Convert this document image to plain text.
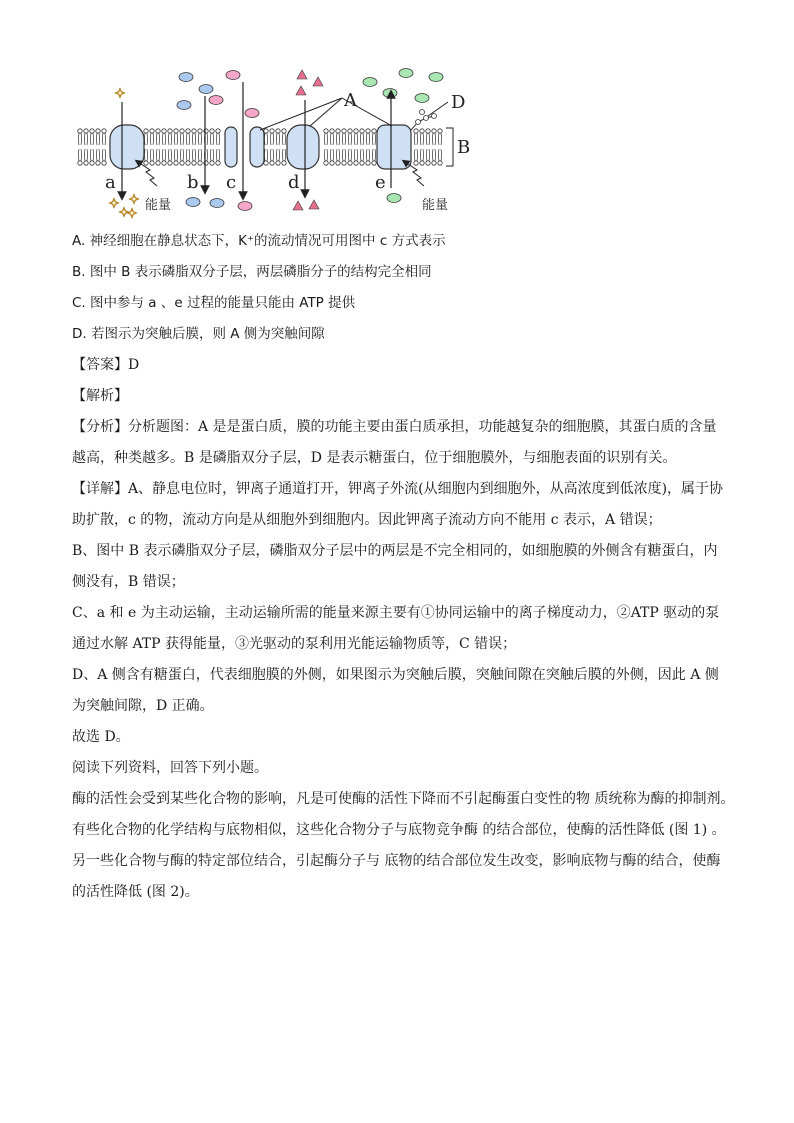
A	D
B
a	b c	d	e
能量	能量
A. 神经细胞在静息状态下，K⁺的流动情况可用图中 c 方式表示
B. 图中 B 表示磷脂双分子层，两层磷脂分子的结构完全相同
C. 图中参与 a 、e 过程的能量只能由 ATP 提供
D. 若图示为突触后膜，则 A 侧为突触间隙
【答案】D
【解析】
【分析】分析题图：A 是是蛋白质，膜的功能主要由蛋白质承担，功能越复杂的细胞膜，其蛋白质的含量
越高，种类越多。B 是磷脂双分子层，D 是表示糖蛋白，位于细胞膜外，与细胞表面的识别有关。
【详解】A、静息电位时，钾离子通道打开，钾离子外流(从细胞内到细胞外，从高浓度到低浓度)，属于协
助扩散，c 的物，流动方向是从细胞外到细胞内。因此钾离子流动方向不能用 c 表示，A 错误；
B、图中 B 表示磷脂双分子层，磷脂双分子层中的两层是不完全相同的，如细胞膜的外侧含有糖蛋白，内
侧没有，B 错误；
C、a 和 e 为主动运输，主动运输所需的能量来源主要有①协同运输中的离子梯度动力，②ATP 驱动的泵
通过水解 ATP 获得能量，③光驱动的泵利用光能运输物质等，C 错误；
D、A 侧含有糖蛋白，代表细胞膜的外侧，如果图示为突触后膜，突触间隙在突触后膜的外侧，因此 A 侧
为突触间隙，D 正确。
故选 D。
阅读下列资料，回答下列小题。
酶的活性会受到某些化合物的影响，凡是可使酶的活性下降而不引起酶蛋白变性的物 质统称为酶的抑制剂。
有些化合物的化学结构与底物相似，这些化合物分子与底物竞争酶 的结合部位，使酶的活性降低 (图 1) 。
另一些化合物与酶的特定部位结合，引起酶分子与 底物的结合部位发生改变，影响底物与酶的结合，使酶
的活性降低 (图 2)。
